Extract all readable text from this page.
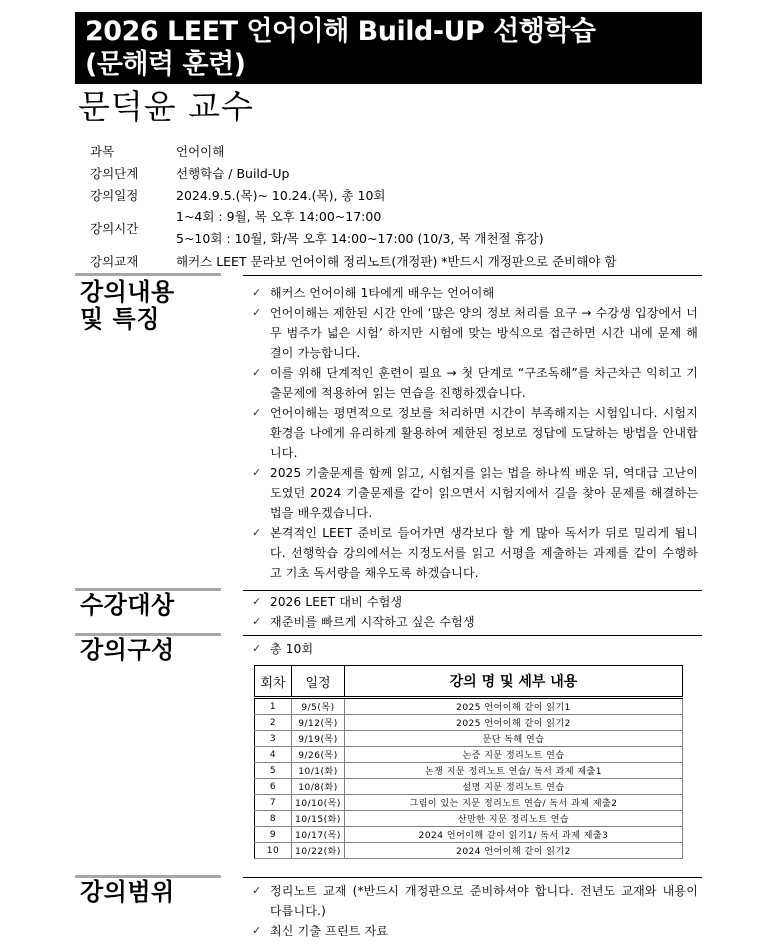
2026 LEET 언어이해 Build-UP 선행학습
(문해력 훈련)
문덕윤 교수
과목	언어이해
강의단계	선행학습 / Build-Up
강의일정	2024.9.5.(목)~ 10.24.(목), 총 10회
강의시간
1~4회 : 9월, 목 오후 14:00~17:00
5~10회 : 10월, 화/목 오후 14:00~17:00 (10/3, 목 개천절 휴강)
강의교재	해커스 LEET 문라보 언어이해 정리노트(개정판) *반드시 개정판으로 준비해야 함
강의내용
및 특징
✓ 해커스 언어이해 1타에게 배우는 언어이해
✓ 언어이해는 제한된 시간 안에 ‘많은 양의 정보 처리를 요구 → 수강생 입장에서 너무 범주가 넓은 시험’ 하지만 시험에 맞는 방식으로 접근하면 시간 내에 문제 해결이 가능합니다.
✓ 이를 위해 단계적인 훈련이 필요 → 첫 단계로 “구조독해”를 차근차근 익히고 기출문제에 적용하여 읽는 연습을 진행하겠습니다.
✓ 언어이해는 평면적으로 정보를 처리하면 시간이 부족해지는 시험입니다. 시험지 환경을 나에게 유리하게 활용하여 제한된 정보로 정답에 도달하는 방법을 안내합니다.
✓ 2025 기출문제를 함께 읽고, 시험지를 읽는 법을 하나씩 배운 뒤, 역대급 고난이도였던 2024 기출문제를 같이 읽으면서 시험지에서 길을 찾아 문제를 해결하는 법을 배우겠습니다.
✓ 본격적인 LEET 준비로 들어가면 생각보다 할 게 많아 독서가 뒤로 밀리게 됩니다. 선행학습 강의에서는 지정도서를 읽고 서평을 제출하는 과제를 같이 수행하고 기초 독서량을 채우도록 하겠습니다.
수강대상	✓ 2026 LEET 대비 수험생
✓ 재준비를 빠르게 시작하고 싶은 수험생
강의구성	✓ 총 10회
회차	일정	강의 명 및 세부 내용
1	9/5(목)	2025 언어이해 같이 읽기1
2	9/12(목)	2025 언어이해 같이 읽기2
3	9/19(목)	문단 독해 연습
4	9/26(목)	논증 지문 정리노트 연습
5	10/1(화)	논쟁 지문 정리노트 연습/ 독서 과제 제출1
6	10/8(화)	설명 지문 정리노트 연습
7	10/10(목)	그림이 있는 지문 정리노트 연습/ 독서 과제 제출2
8	10/15(화)	산만한 지문 정리노트 연습
9	10/17(목)	2024 언어이해 같이 읽기1/ 독서 과제 제출3
10	10/22(화)	2024 언어이해 같이 읽기2
강의범위	✓ 정리노트 교재 (*반드시 개정판으로 준비하셔야 합니다. 전년도 교재와 내용이 다릅니다.)
✓ 최신 기출 프린트 자료
